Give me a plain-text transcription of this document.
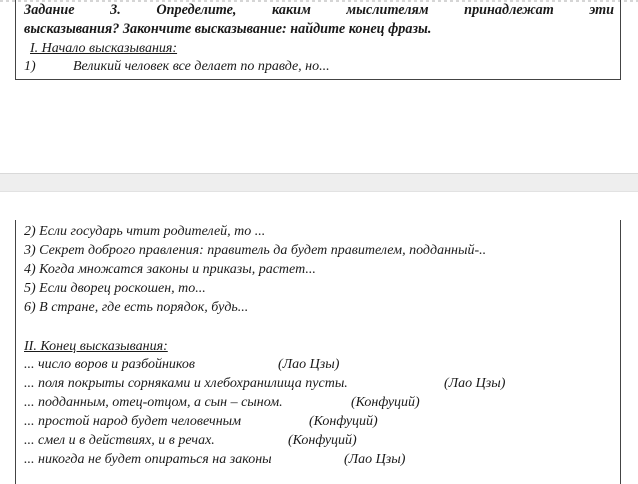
Задание 3. Определите, каким мыслителям принадлежат эти
высказывания? Закончите высказывание: найдите конец фразы.
I. Начало высказывания:
1)	Великий человек все делает по правде, но...
2) Если государь чтит родителей, то ...
3) Секрет доброго правления: правитель да будет правителем, подданный-..
4) Когда множатся законы и приказы, растет...
5) Если дворец роскошен, то...
6) В стране, где есть порядок, будь...
II. Конец высказывания:
... число воров и разбойников	(Лао Цзы)
... поля покрыты сорняками и хлебохранилища пусты.	(Лао Цзы)
... подданным, отец-отцом, а сын – сыном.	(Конфуций)
... простой народ будет человечным	(Конфуций)
... смел и в действиях, и в речах.	(Конфуций)
... никогда не будет опираться на законы	(Лао Цзы)
